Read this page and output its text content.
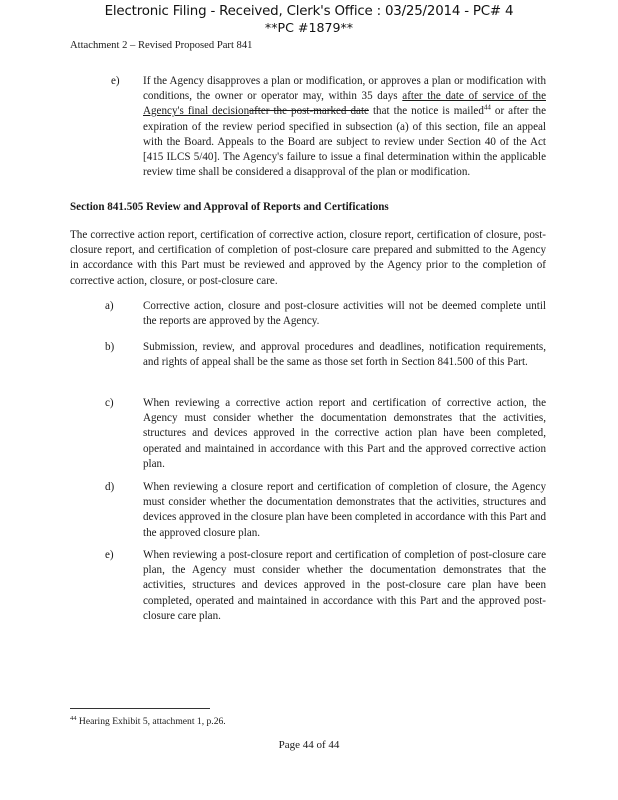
Electronic Filing - Received, Clerk's Office : 03/25/2014 - PC# 4
**PC #1879**
Attachment 2 – Revised Proposed Part 841
e) If the Agency disapproves a plan or modification, or approves a plan or modification with conditions, the owner or operator may, within 35 days after the date of service of the Agency's final decisionafter the post-marked date that the notice is mailed$^{44}$ or after the expiration of the review period specified in subsection (a) of this section, file an appeal with the Board. Appeals to the Board are subject to review under Section 40 of the Act [415 ILCS 5/40]. The Agency's failure to issue a final determination within the applicable review time shall be considered a disapproval of the plan or modification.
Section 841.505 Review and Approval of Reports and Certifications
The corrective action report, certification of corrective action, closure report, certification of closure, post-closure report, and certification of completion of post-closure care prepared and submitted to the Agency in accordance with this Part must be reviewed and approved by the Agency prior to the completion of corrective action, closure, or post-closure care.
a)	Corrective action, closure and post-closure activities will not be deemed complete until the reports are approved by the Agency.
b)	Submission, review, and approval procedures and deadlines, notification requirements, and rights of appeal shall be the same as those set forth in Section 841.500 of this Part.
c)	When reviewing a corrective action report and certification of corrective action, the Agency must consider whether the documentation demonstrates that the activities, structures and devices approved in the corrective action plan have been completed, operated and maintained in accordance with this Part and the approved corrective action plan.
d)	When reviewing a closure report and certification of completion of closure, the Agency must consider whether the documentation demonstrates that the activities, structures and devices approved in the closure plan have been completed in accordance with this Part and the approved closure plan.
e)	When reviewing a post-closure report and certification of completion of post-closure care plan, the Agency must consider whether the documentation demonstrates that the activities, structures and devices approved in the post-closure care plan have been completed, operated and maintained in accordance with this Part and the approved post-closure care plan.
$^{44}$ Hearing Exhibit 5, attachment 1, p.26.
Page 44 of 44
